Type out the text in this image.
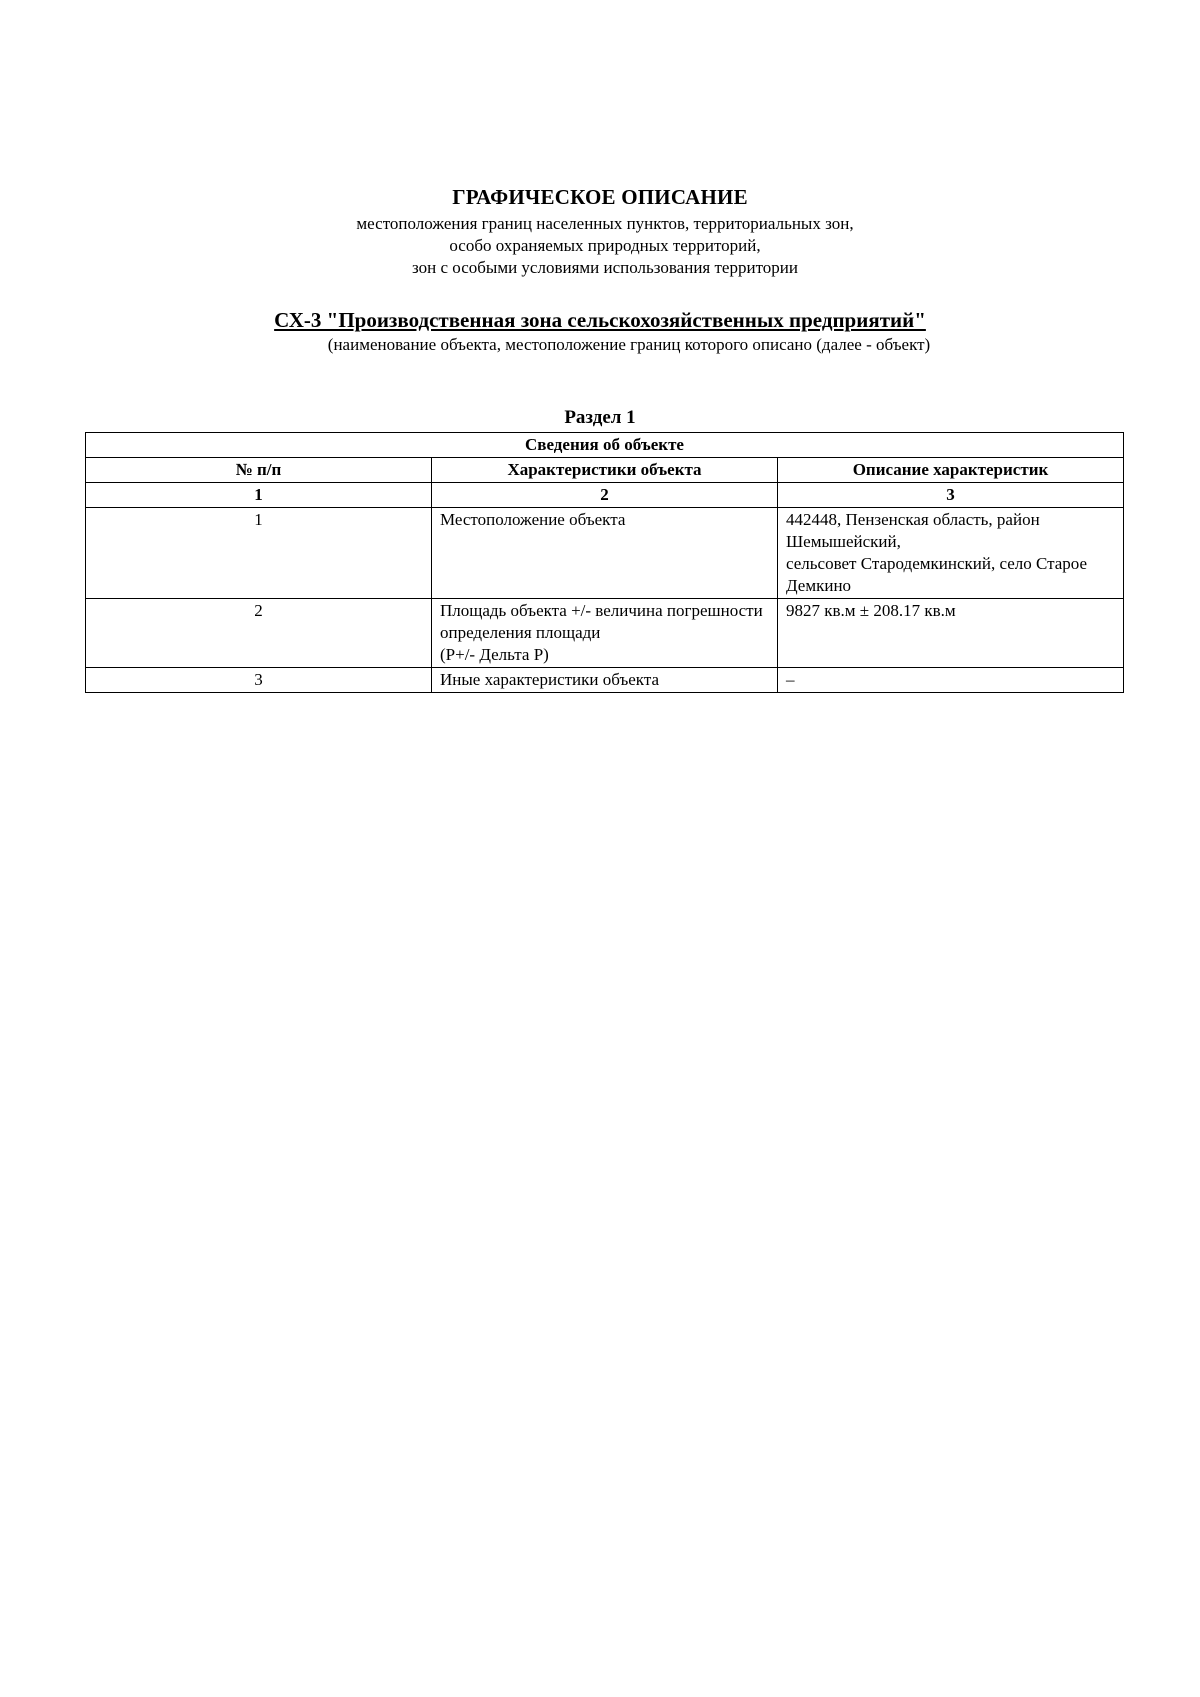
ГРАФИЧЕСКОЕ ОПИСАНИЕ
местоположения границ населенных пунктов, территориальных зон,
особо охраняемых природных территорий,
зон с особыми условиями использования территории
СХ-3 "Производственная зона сельскохозяйственных предприятий"
(наименование объекта, местоположение границ которого описано (далее - объект)
Раздел 1
Сведения об объекте		
№ п/п	Характеристики объекта	Описание характеристик
1	2	3
1	Местоположение объекта	442448, Пензенская область, район Шемышейский,
сельсовет Стародемкинский, село Старое Демкино

2	Площадь объекта +/- величина погрешности
определения площади
(P+/- Дельта P)	9827 кв.м ± 208.17 кв.м

3	Иные характеристики объекта	–
